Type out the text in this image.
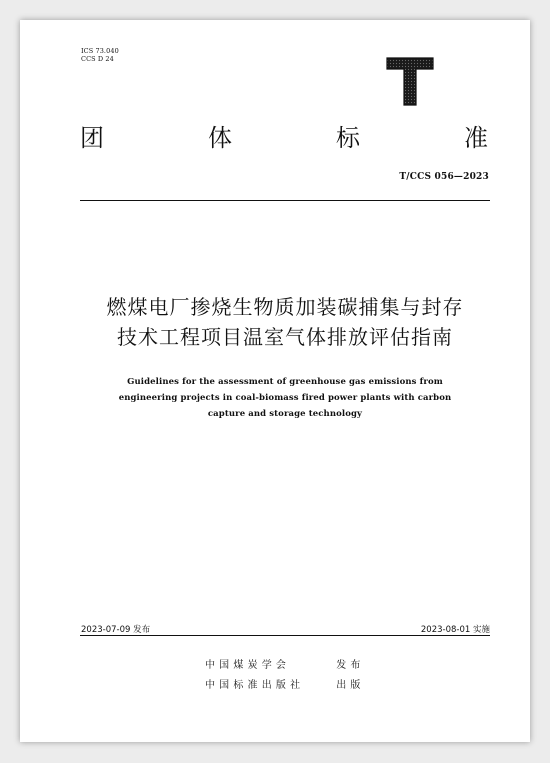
ICS 73.040
CCS D 24
团	体	标	准
T/CCS 056—2023
燃煤电厂掺烧生物质加装碳捕集与封存
技术工程项目温室气体排放评估指南
Guidelines for the assessment of greenhouse gas emissions from
engineering projects in coal-biomass fired power plants with carbon
capture and storage technology
2023-07-09 发布	2023-08-01 实施
中 国 煤 炭 学 会	发 布
中 国 标 准 出 版 社	出 版
